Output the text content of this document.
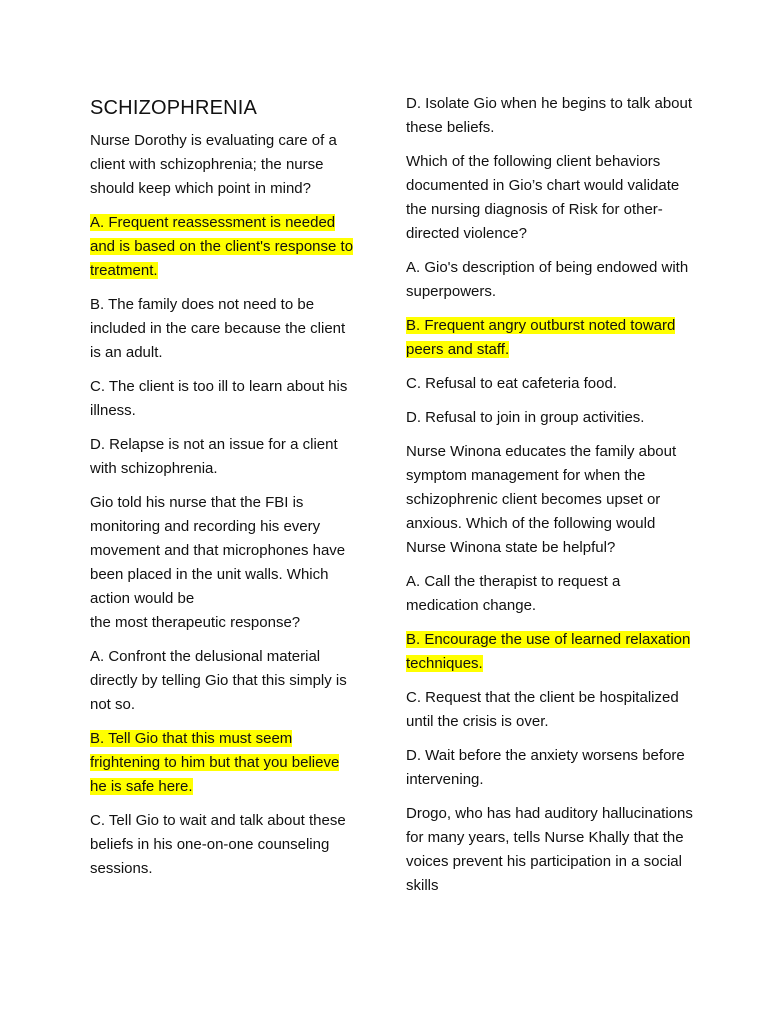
SCHIZOPHRENIA

Nurse Dorothy is evaluating care of a client with schizophrenia; the nurse should keep which point in mind?

A. Frequent reassessment is needed and is based on the client's response to treatment.

B. The family does not need to be included in the care because the client is an adult.

C. The client is too ill to learn about his illness.

D. Relapse is not an issue for a client with schizophrenia.

Gio told his nurse that the FBI is monitoring and recording his every movement and that microphones have been placed in the unit walls. Which action would be

the most therapeutic response?

A. Confront the delusional material directly by telling Gio that this simply is not so.

B. Tell Gio that this must seem frightening to him but that you believe he is safe here.

C. Tell Gio to wait and talk about these beliefs in his one-on-one counseling sessions.

D. Isolate Gio when he begins to talk about these beliefs.

Which of the following client behaviors documented in Gio’s chart would validate the nursing diagnosis of Risk for other-directed violence?

A. Gio's description of being endowed with superpowers.

B. Frequent angry outburst noted toward peers and staff.

C. Refusal to eat cafeteria food.

D. Refusal to join in group activities.

Nurse Winona educates the family about symptom management for when the schizophrenic client becomes upset or anxious. Which of the following would Nurse Winona state be helpful?

A. Call the therapist to request a medication change.

B. Encourage the use of learned relaxation techniques.

C. Request that the client be hospitalized until the crisis is over.

D. Wait before the anxiety worsens before intervening.

Drogo, who has had auditory hallucinations for many years, tells Nurse Khally that the voices prevent his participation in a social skills
